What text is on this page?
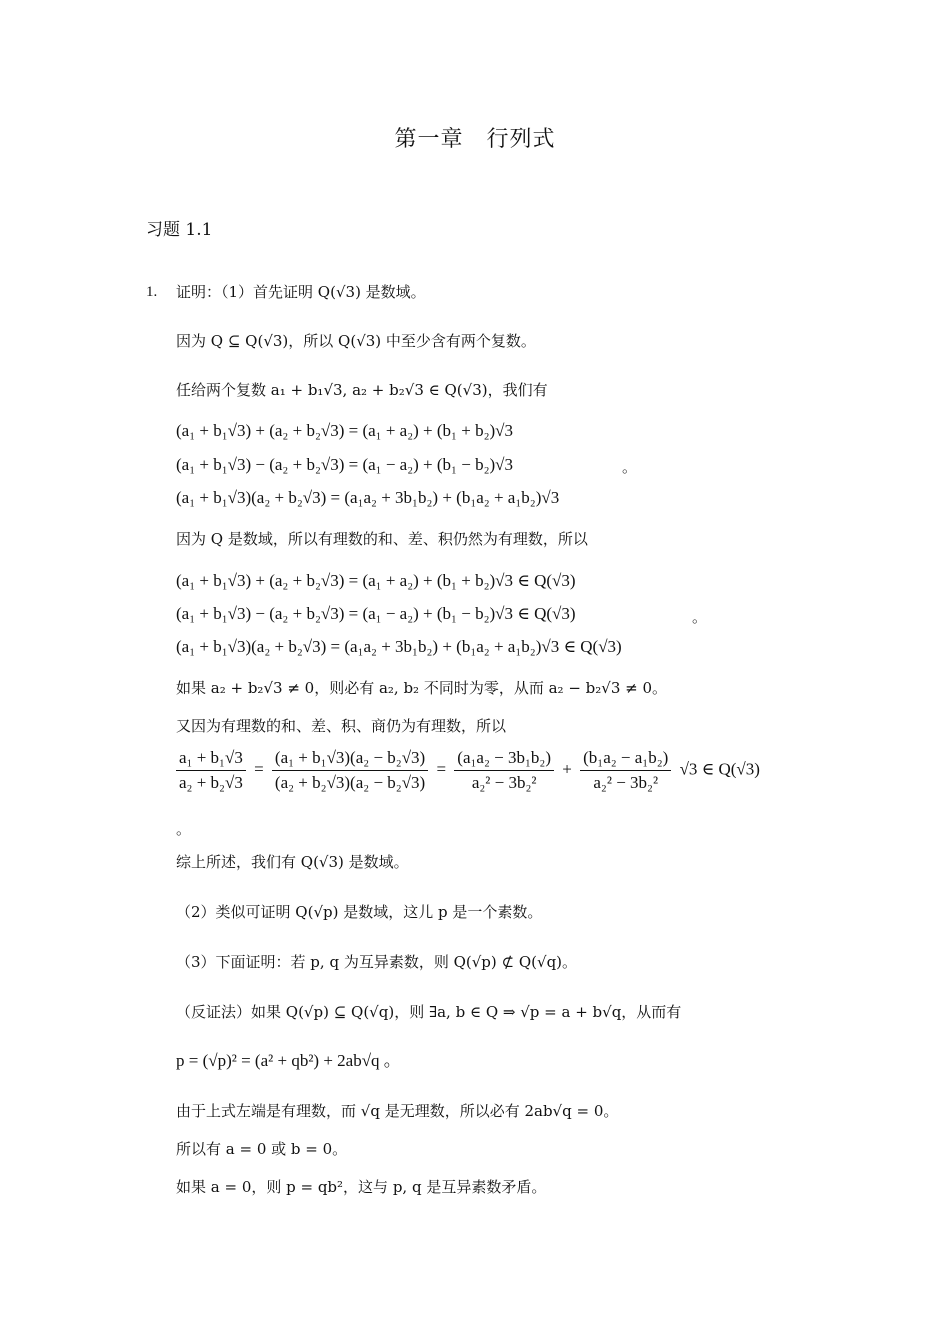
第一章　行列式
习题 1.1
1. 证明：（1）首先证明 Q(√3) 是数域。
因为 Q ⊆ Q(√3)，所以 Q(√3) 中至少含有两个复数。
任给两个复数 a₁ + b₁√3, a₂ + b₂√3 ∈ Q(√3)，我们有
(a₁ + b₁√3) + (a₂ + b₂√3) = (a₁ + a₂) + (b₁ + b₂)√3
(a₁ + b₁√3) − (a₂ + b₂√3) = (a₁ − a₂) + (b₁ − b₂)√3	。
(a₁ + b₁√3)(a₂ + b₂√3) = (a₁a₂ + 3b₁b₂) + (b₁a₂ + a₁b₂)√3
因为 Q 是数域，所以有理数的和、差、积仍然为有理数，所以
(a₁ + b₁√3) + (a₂ + b₂√3) = (a₁ + a₂) + (b₁ + b₂)√3 ∈ Q(√3)
(a₁ + b₁√3) − (a₂ + b₂√3) = (a₁ − a₂) + (b₁ − b₂)√3 ∈ Q(√3)	。
(a₁ + b₁√3)(a₂ + b₂√3) = (a₁a₂ + 3b₁b₂) + (b₁a₂ + a₁b₂)√3 ∈ Q(√3)
如果 a₂ + b₂√3 ≠ 0，则必有 a₂, b₂ 不同时为零，从而 a₂ − b₂√3 ≠ 0。
又因为有理数的和、差、积、商仍为有理数，所以
$\frac{\text{a₁ + b₁√3}}{\text{a₂ + b₂√3}} = \frac{\text{(a₁ + b₁√3)(a₂ − b₂√3)}}{\text{(a₂ + b₂√3)(a₂ − b₂√3)}} = \frac{\text{(a₁a₂ − 3b₁b₂)}}{\text{a₂² − 3b₂²}} + \frac{\text{(b₁a₂ − a₁b₂)}}{\text{a₂² − 3b₂²}} √3$ ∈ Q(√3)
。
综上所述，我们有 Q(√3) 是数域。
（2）类似可证明 Q(√p) 是数域，这儿 p 是一个素数。
（3）下面证明：若 p, q 为互异素数，则 Q(√p) ⊄ Q(√q)。
（反证法）如果 Q(√p) ⊆ Q(√q)，则 ∃a, b ∈ Q ⇒ √p = a + b√q，从而有
p = (√p)² = (a² + qb²) + 2ab√q 。
由于上式左端是有理数，而 √q 是无理数，所以必有 2ab√q = 0。
所以有 a = 0 或 b = 0。
如果 a = 0，则 p = qb²，这与 p, q 是互异素数矛盾。
